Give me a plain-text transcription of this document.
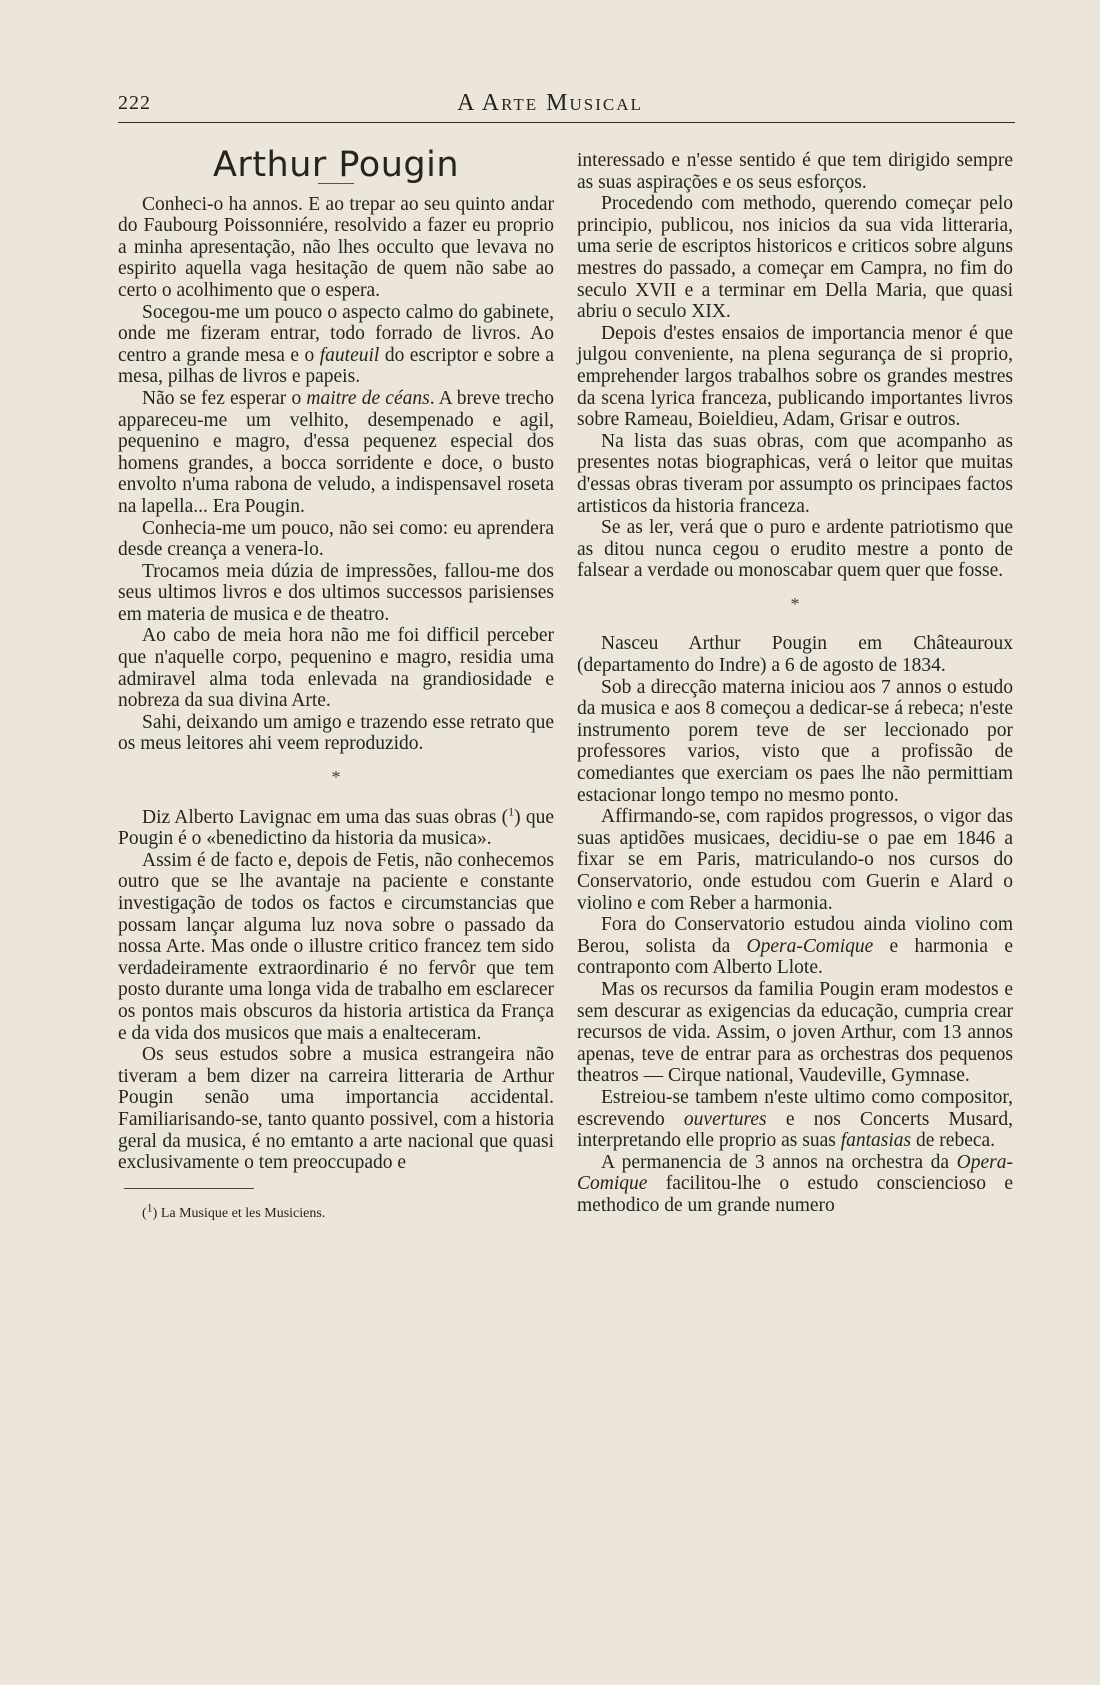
222	A Arte Musical
Arthur Pougin

Conheci-o ha annos. E ao trepar ao seu quinto andar do Faubourg Poissonniére, resolvido a fazer eu proprio a minha apresentação, não lhes occulto que levava no espirito aquella vaga hesitação de quem não sabe ao certo o acolhimento que o espera.

Socegou-me um pouco o aspecto calmo do gabinete, onde me fizeram entrar, todo forrado de livros. Ao centro a grande mesa e o fauteuil do escriptor e sobre a mesa, pilhas de livros e papeis.

Não se fez esperar o maitre de céans. A breve trecho appareceu-me um velhito, desempenado e agil, pequenino e magro, d'essa pequenez especial dos homens grandes, a bocca sorridente e doce, o busto envolto n'uma rabona de veludo, a indispensavel roseta na lapella... Era Pougin.

Conhecia-me um pouco, não sei como: eu aprendera desde creança a venera-lo.

Trocamos meia dúzia de impressões, fallou-me dos seus ultimos livros e dos ultimos successos parisienses em materia de musica e de theatro.

Ao cabo de meia hora não me foi difficil perceber que n'aquelle corpo, pequenino e magro, residia uma admiravel alma toda enlevada na grandiosidade e nobreza da sua divina Arte.

Sahi, deixando um amigo e trazendo esse retrato que os meus leitores ahi veem reproduzido.

*

Diz Alberto Lavignac em uma das suas obras ($^1$) que Pougin é o «benedictino da historia da musica».

Assim é de facto e, depois de Fetis, não conhecemos outro que se lhe avantaje na paciente e constante investigação de todos os factos e circumstancias que possam lançar alguma luz nova sobre o passado da nossa Arte. Mas onde o illustre critico francez tem sido verdadeiramente extraordinario é no fervôr que tem posto durante uma longa vida de trabalho em esclarecer os pontos mais obscuros da historia artistica da França e da vida dos musicos que mais a enalteceram.

Os seus estudos sobre a musica estrangeira não tiveram a bem dizer na carreira litteraria de Arthur Pougin senão uma importancia accidental. Familiarisando-se, tanto quanto possivel, com a historia geral da musica, é no emtanto a arte nacional que quasi exclusivamente o tem preoccupado e

($^1$) La Musique et les Musiciens.

interessado e n'esse sentido é que tem dirigido sempre as suas aspirações e os seus esforços.

Procedendo com methodo, querendo começar pelo principio, publicou, nos inicios da sua vida litteraria, uma serie de escriptos historicos e criticos sobre alguns mestres do passado, a começar em Campra, no fim do seculo XVII e a terminar em Della Maria, que quasi abriu o seculo XIX.

Depois d'estes ensaios de importancia menor é que julgou conveniente, na plena segurança de si proprio, emprehender largos trabalhos sobre os grandes mestres da scena lyrica franceza, publicando importantes livros sobre Rameau, Boieldieu, Adam, Grisar e outros.

Na lista das suas obras, com que acompanho as presentes notas biographicas, verá o leitor que muitas d'essas obras tiveram por assumpto os principaes factos artisticos da historia franceza.

Se as ler, verá que o puro e ardente patriotismo que as ditou nunca cegou o erudito mestre a ponto de falsear a verdade ou monoscabar quem quer que fosse.

*

Nasceu Arthur Pougin em Châteauroux (departamento do Indre) a 6 de agosto de 1834.

Sob a direcção materna iniciou aos 7 annos o estudo da musica e aos 8 começou a dedicar-se á rebeca; n'este instrumento porem teve de ser leccionado por professores varios, visto que a profissão de comediantes que exerciam os paes lhe não permittiam estacionar longo tempo no mesmo ponto.

Affirmando-se, com rapidos progressos, o vigor das suas aptidões musicaes, decidiu-se o pae em 1846 a fixar se em Paris, matriculando-o nos cursos do Conservatorio, onde estudou com Guerin e Alard o violino e com Reber a harmonia.

Fora do Conservatorio estudou ainda violino com Berou, solista da Opera-Comique e harmonia e contraponto com Alberto Llote.

Mas os recursos da familia Pougin eram modestos e sem descurar as exigencias da educação, cumpria crear recursos de vida. Assim, o joven Arthur, com 13 annos apenas, teve de entrar para as orchestras dos pequenos theatros — Cirque national, Vaudeville, Gymnase.

Estreiou-se tambem n'este ultimo como compositor, escrevendo ouvertures e nos Concerts Musard, interpretando elle proprio as suas fantasias de rebeca.

A permanencia de 3 annos na orchestra da Opera-Comique facilitou-lhe o estudo consciencioso e methodico de um grande numero
